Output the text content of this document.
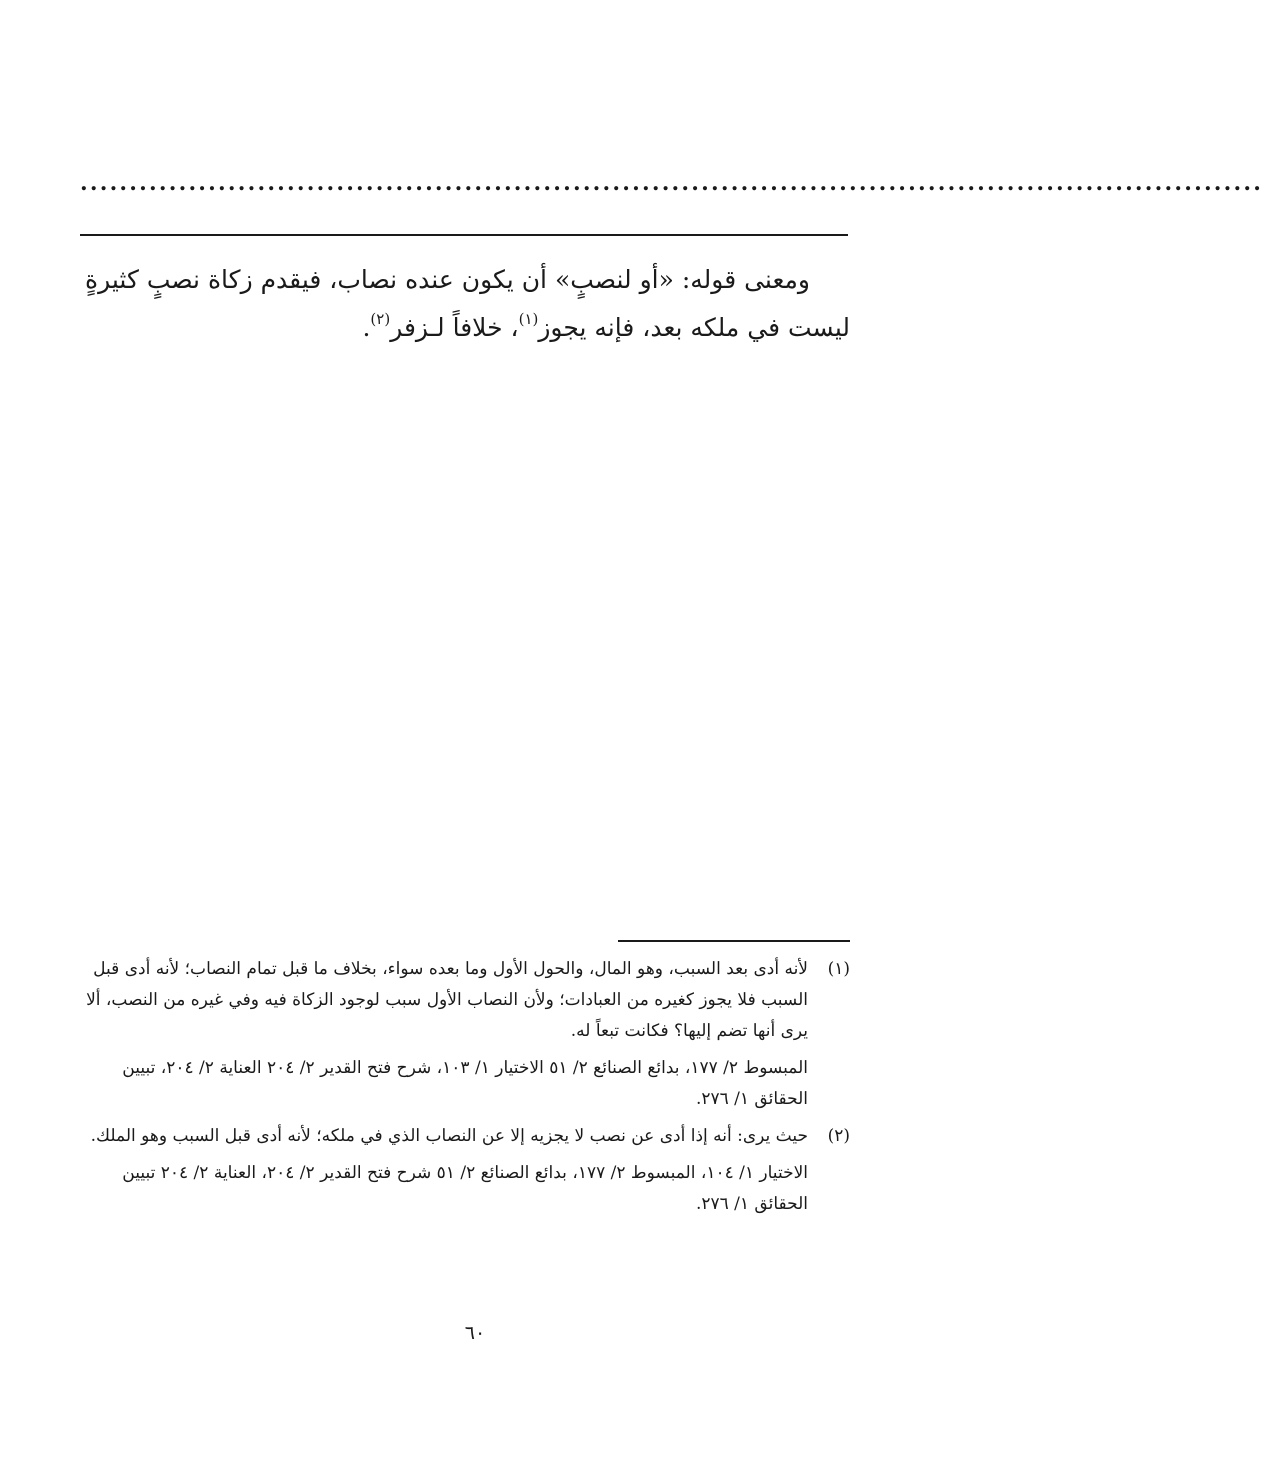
........................................................................................................................

ومعنى قوله: «أو لنصبٍ» أن يكون عنده نصاب، فيقدم زكاة نصبٍ كثيرةٍ

ليست في ملكه بعد، فإنه يجوز$^{(١)}$، خلافاً لـزفر$^{(٢)}$.

(١)

لأنه أدى بعد السبب، وهو المال، والحول الأول وما بعده سواء، بخلاف ما قبل تمام النصاب؛ لأنه أدى قبل السبب فلا يجوز كغيره من العبادات؛ ولأن النصاب الأول سبب لوجود الزكاة فيه وفي غيره من النصب، ألا يرى أنها تضم إليها؟ فكانت تبعاً له.

المبسوط ٢/ ١٧٧، بدائع الصنائع ٢/ ٥١ الاختيار ١/ ١٠٣، شرح فتح القدير ٢/ ٢٠٤ العناية ٢/ ٢٠٤، تبيين الحقائق ١/ ٢٧٦.

(٢)

حيث يرى: أنه إذا أدى عن نصب لا يجزيه إلا عن النصاب الذي في ملكه؛ لأنه أدى قبل السبب وهو الملك.

الاختيار ١/ ١٠٤، المبسوط ٢/ ١٧٧، بدائع الصنائع ٢/ ٥١ شرح فتح القدير ٢/ ٢٠٤، العناية ٢/ ٢٠٤ تبيين الحقائق ١/ ٢٧٦.

٦٠
